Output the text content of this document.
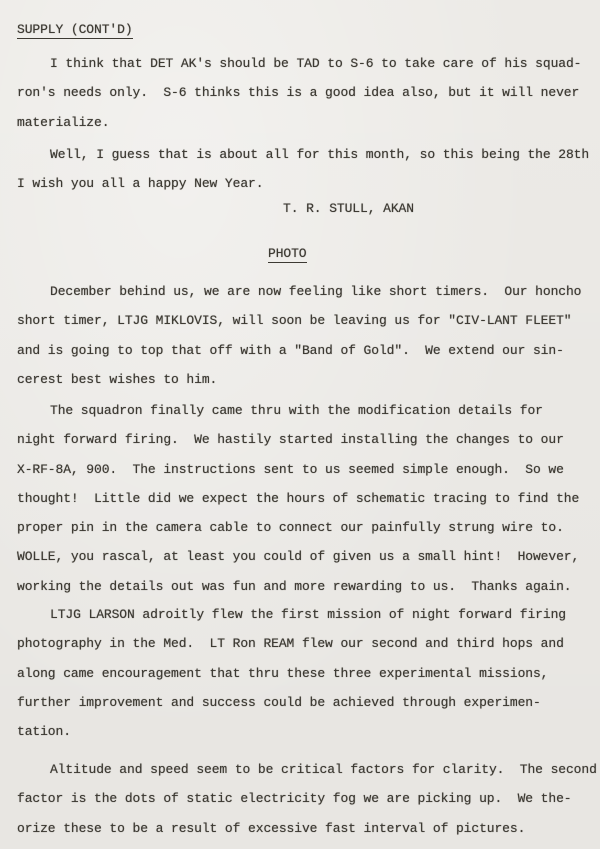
SUPPLY (CONT'D)
I think that DET AK's should be TAD to S-6 to take care of his squad-
ron's needs only.  S-6 thinks this is a good idea also, but it will never
materialize.
Well, I guess that is about all for this month, so this being the 28th
I wish you all a happy New Year.
T. R. STULL, AKAN
PHOTO
December behind us, we are now feeling like short timers.  Our honcho
short timer, LTJG MIKLOVIS, will soon be leaving us for "CIV-LANT FLEET"
and is going to top that off with a "Band of Gold".  We extend our sin-
cerest best wishes to him.
The squadron finally came thru with the modification details for
night forward firing.  We hastily started installing the changes to our
X-RF-8A, 900.  The instructions sent to us seemed simple enough.  So we
thought!  Little did we expect the hours of schematic tracing to find the
proper pin in the camera cable to connect our painfully strung wire to.
WOLLE, you rascal, at least you could of given us a small hint!  However,
working the details out was fun and more rewarding to us.  Thanks again.
LTJG LARSON adroitly flew the first mission of night forward firing
photography in the Med.  LT Ron REAM flew our second and third hops and
along came encouragement that thru these three experimental missions,
further improvement and success could be achieved through experimen-
tation.
Altitude and speed seem to be critical factors for clarity.  The second
factor is the dots of static electricity fog we are picking up.  We the-
orize these to be a result of excessive fast interval of pictures.
